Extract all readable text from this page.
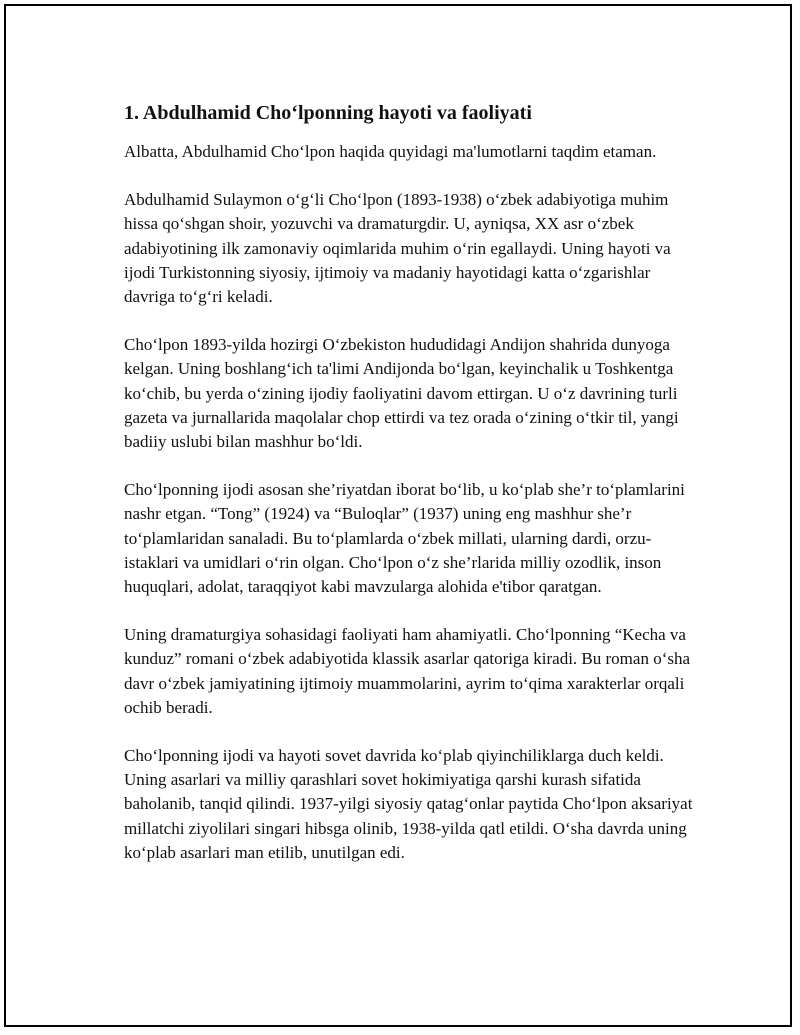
1. Abdulhamid Cho‘lponning hayoti va faoliyati

Albatta, Abdulhamid Cho‘lpon haqida quyidagi ma'lumotlarni taqdim etaman.

Abdulhamid Sulaymon o‘g‘li Cho‘lpon (1893-1938) o‘zbek adabiyotiga muhim hissa qo‘shgan shoir, yozuvchi va dramaturgdir. U, ayniqsa, XX asr o‘zbek adabiyotining ilk zamonaviy oqimlarida muhim o‘rin egallaydi. Uning hayoti va ijodi Turkistonning siyosiy, ijtimoiy va madaniy hayotidagi katta o‘zgarishlar davriga to‘g‘ri keladi.

Cho‘lpon 1893-yilda hozirgi O‘zbekiston hududidagi Andijon shahrida dunyoga kelgan. Uning boshlang‘ich ta'limi Andijonda bo‘lgan, keyinchalik u Toshkentga ko‘chib, bu yerda o‘zining ijodiy faoliyatini davom ettirgan. U o‘z davrining turli gazeta va jurnallarida maqolalar chop ettirdi va tez orada o‘zining o‘tkir til, yangi badiiy uslubi bilan mashhur bo‘ldi.

Cho‘lponning ijodi asosan she’riyatdan iborat bo‘lib, u ko‘plab she’r to‘plamlarini nashr etgan. “Tong” (1924) va “Buloqlar” (1937) uning eng mashhur she’r to‘plamlaridan sanaladi. Bu to‘plamlarda o‘zbek millati, ularning dardi, orzu-istaklari va umidlari o‘rin olgan. Cho‘lpon o‘z she’rlarida milliy ozodlik, inson huquqlari, adolat, taraqqiyot kabi mavzularga alohida e'tibor qaratgan.

Uning dramaturgiya sohasidagi faoliyati ham ahamiyatli. Cho‘lponning “Kecha va kunduz” romani o‘zbek adabiyotida klassik asarlar qatoriga kiradi. Bu roman o‘sha davr o‘zbek jamiyatining ijtimoiy muammolarini, ayrim to‘qima xarakterlar orqali ochib beradi.

Cho‘lponning ijodi va hayoti sovet davrida ko‘plab qiyinchiliklarga duch keldi. Uning asarlari va milliy qarashlari sovet hokimiyatiga qarshi kurash sifatida baholanib, tanqid qilindi. 1937-yilgi siyosiy qatag‘onlar paytida Cho‘lpon aksariyat millatchi ziyolilari singari hibsga olinib, 1938-yilda qatl etildi. O‘sha davrda uning ko‘plab asarlari man etilib, unutilgan edi.
